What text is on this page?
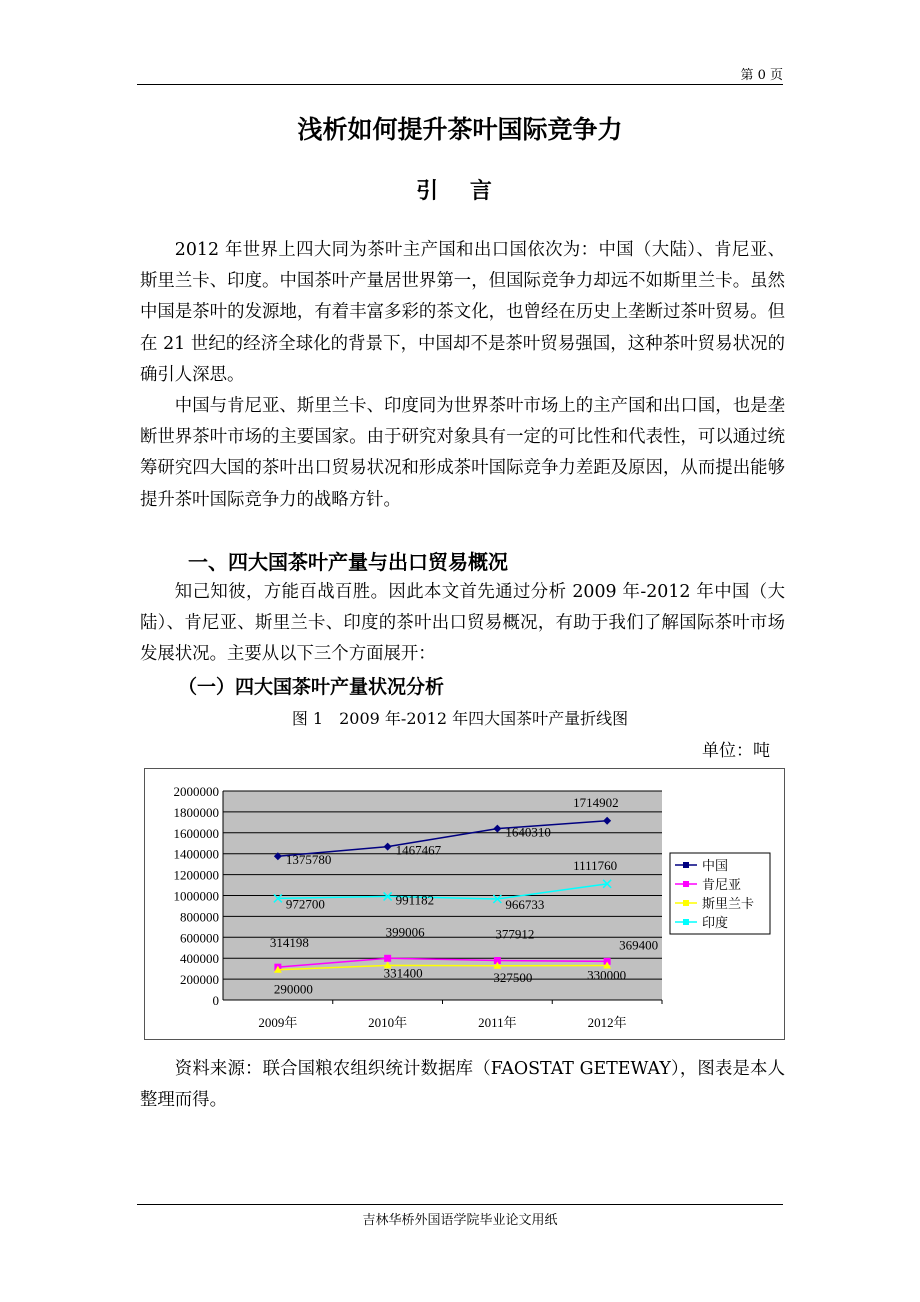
第 0 页
浅析如何提升茶叶国际竞争力
引 言

2012 年世界上四大同为茶叶主产国和出口国依次为：中国（大陆）、肯尼亚、斯里兰卡、印度。中国茶叶产量居世界第一，但国际竞争力却远不如斯里兰卡。虽然中国是茶叶的发源地，有着丰富多彩的茶文化，也曾经在历史上垄断过茶叶贸易。但在 21 世纪的经济全球化的背景下，中国却不是茶叶贸易强国，这种茶叶贸易状况的确引人深思。

中国与肯尼亚、斯里兰卡、印度同为世界茶叶市场上的主产国和出口国，也是垄断世界茶叶市场的主要国家。由于研究对象具有一定的可比性和代表性，可以通过统筹研究四大国的茶叶出口贸易状况和形成茶叶国际竞争力差距及原因，从而提出能够提升茶叶国际竞争力的战略方针。

一、四大国茶叶产量与出口贸易概况

知己知彼，方能百战百胜。因此本文首先通过分析 2009 年-2012 年中国（大陆）、肯尼亚、斯里兰卡、印度的茶叶出口贸易概况，有助于我们了解国际茶叶市场发展状况。主要从以下三个方面展开：

（一）四大国茶叶产量状况分析
图 1　2009 年-2012 年四大国茶叶产量折线图
单位：吨
0
200000
400000
600000
800000
1000000
1200000
1400000
1600000
1800000
2000000
2009年	2010年	2011年	2012年
1375780
1467467
1640310
1714902
314198
399006	377912
369400
290000
331400	327500	330000
972700	991182	966733
1111760	中国
肯尼亚
斯里兰卡
印度

资料来源：联合国粮农组织统计数据库（FAOSTAT GETEWAY），图表是本人整理而得。

吉林华桥外国语学院毕业论文用纸
